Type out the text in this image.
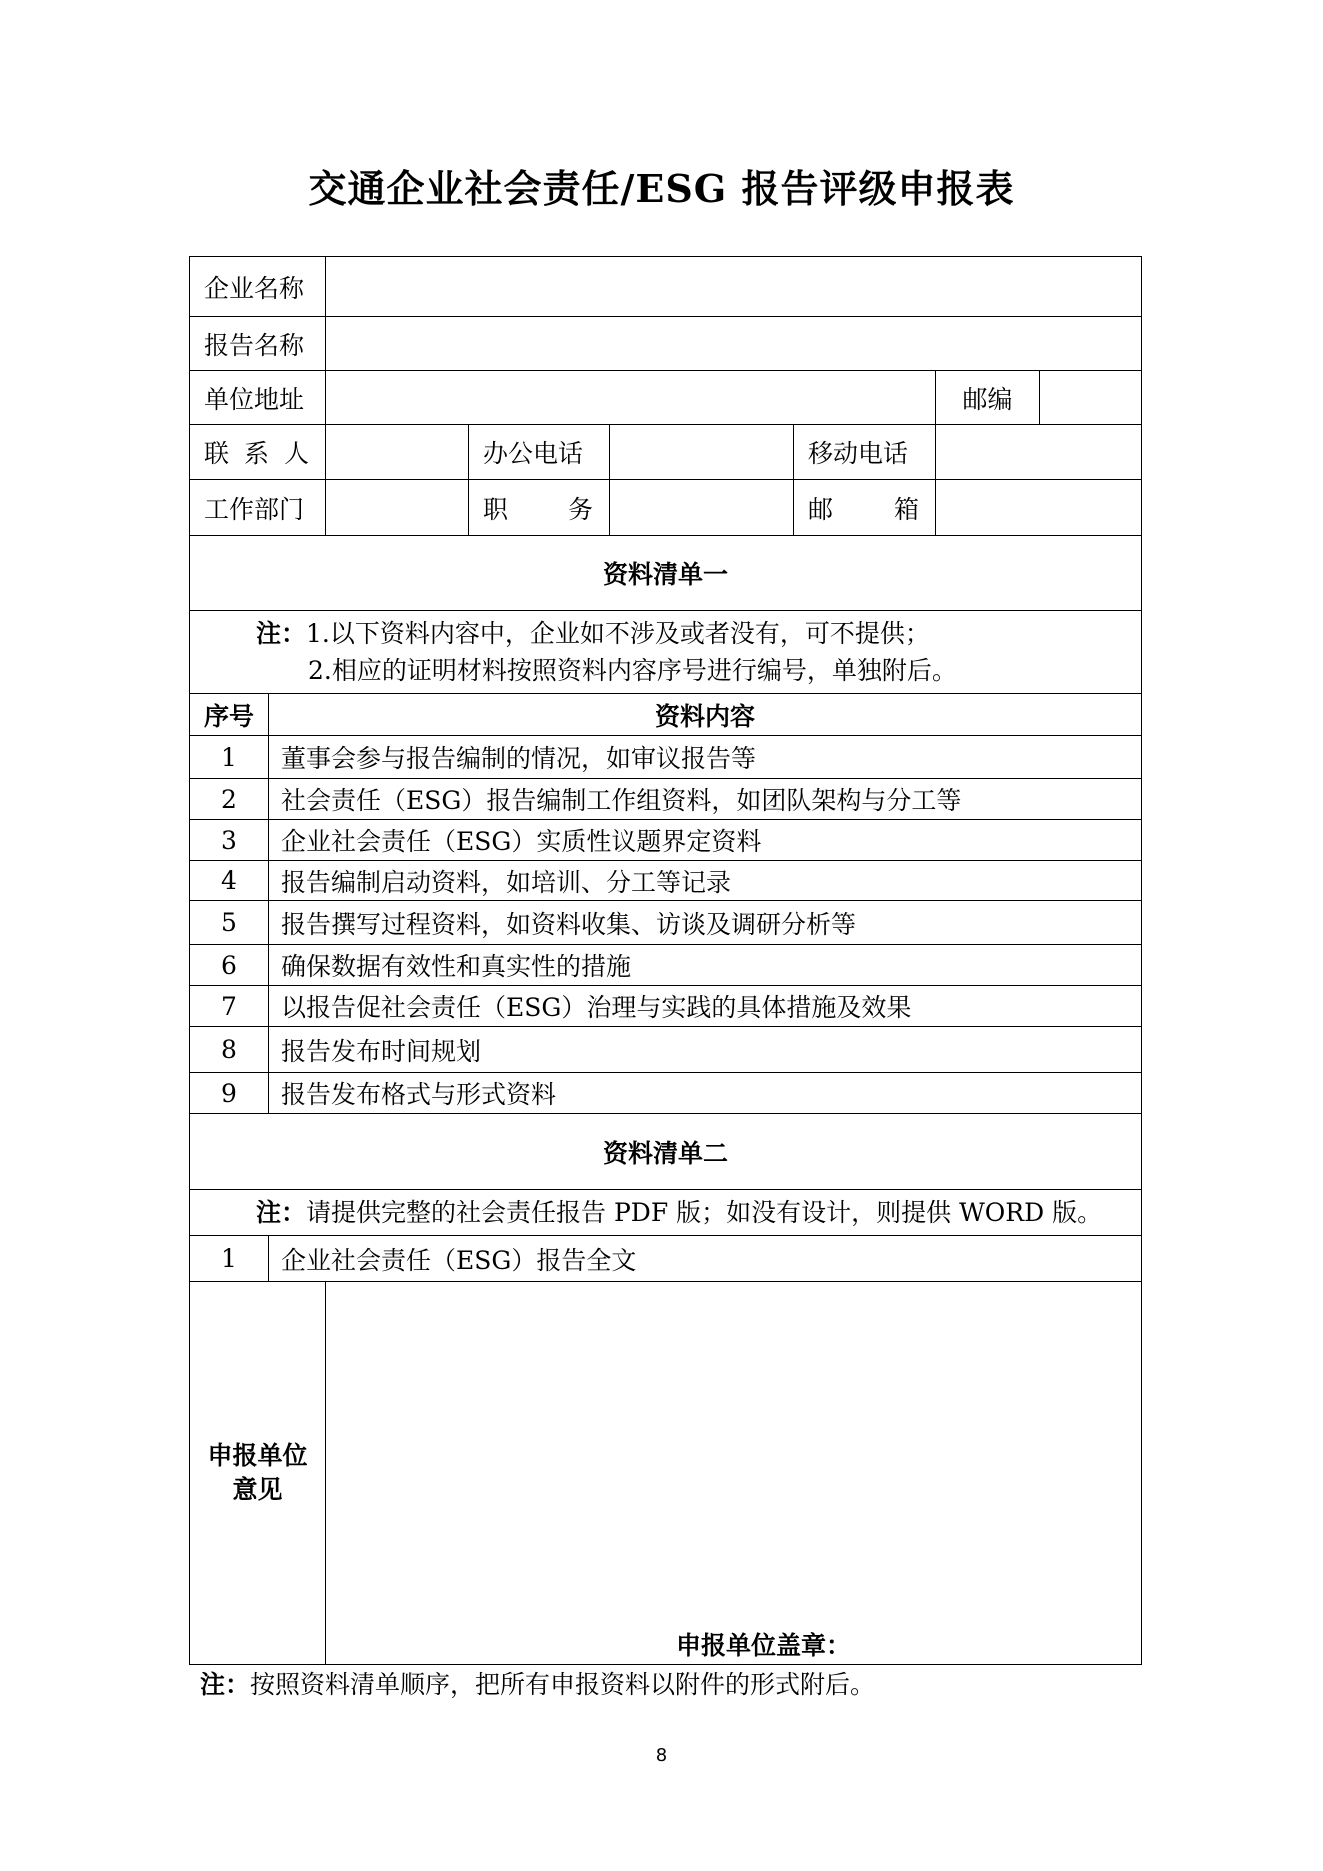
交通企业社会责任/ESG 报告评级申报表
企业名称							
报告名称							
单位地址						邮编	

联 系 人			办公电话		移动电话		
工作部门			职 务		邮 箱		

资料清单一							

注：1.以下资料内容中，企业如不涉及或者没有，可不提供；
2.相应的证明材料按照资料内容序号进行编号，单独附后。							

序号	资料内容						
1	董事会参与报告编制的情况，如审议报告等						
2	社会责任（ESG）报告编制工作组资料，如团队架构与分工等						
3	企业社会责任（ESG）实质性议题界定资料						
4	报告编制启动资料，如培训、分工等记录						
5	报告撰写过程资料，如资料收集、访谈及调研分析等						
6	确保数据有效性和真实性的措施						
7	以报告促社会责任（ESG）治理与实践的具体措施及效果						
8	报告发布时间规划						
9	报告发布格式与形式资料						
资料清单二							
注：请提供完整的社会责任报告 PDF 版；如没有设计，则提供 WORD 版。							
1	企业社会责任（ESG）报告全文						

申报单位
意见		申报单位盖章：					
注：按照资料清单顺序，把所有申报资料以附件的形式附后。
8
